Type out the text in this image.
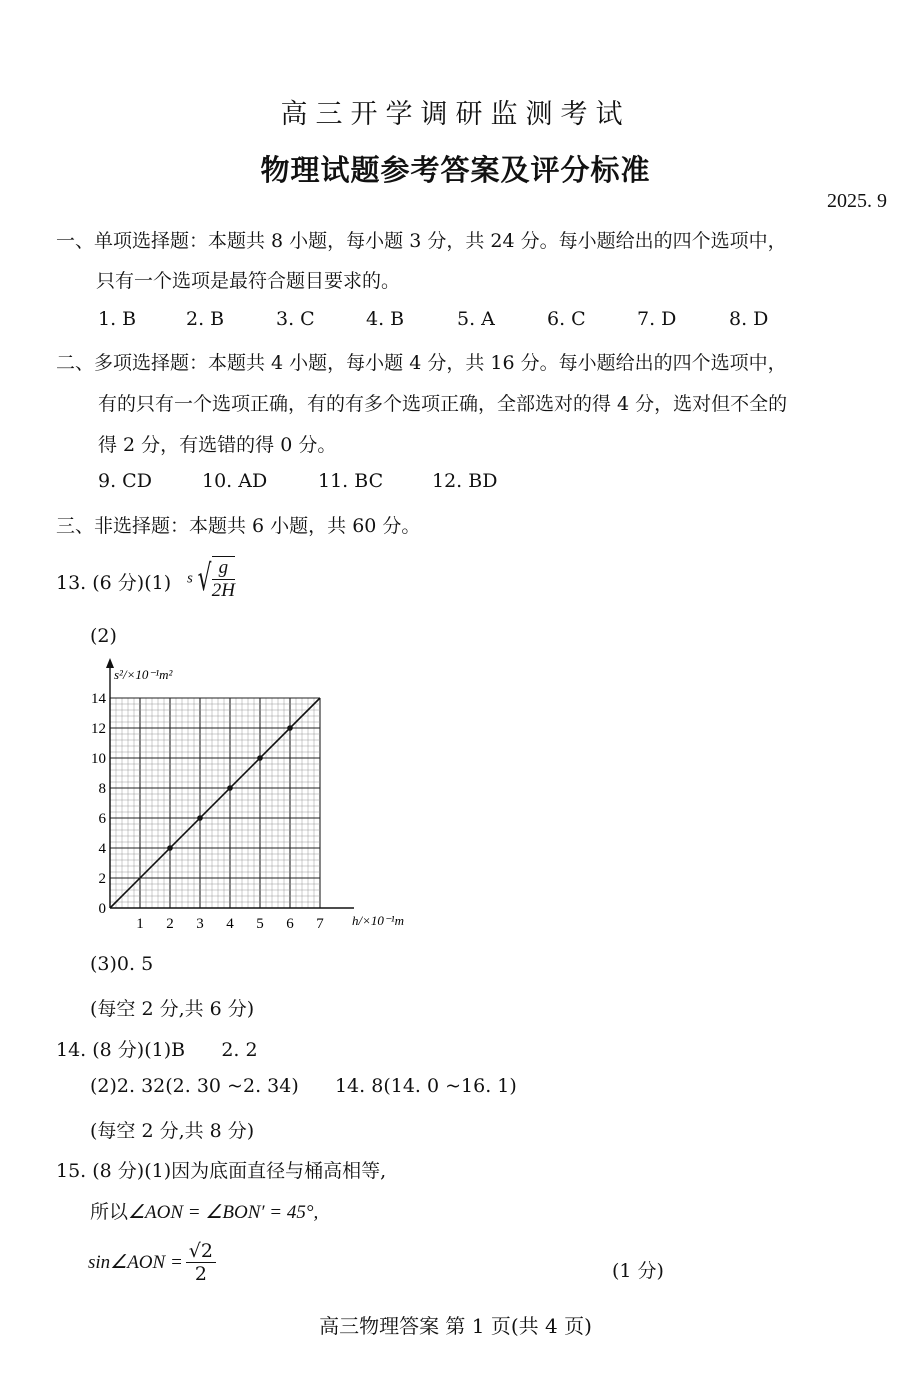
高三开学调研监测考试
物理试题参考答案及评分标准
2025. 9
一、单项选择题：本题共 8 小题，每小题 3 分，共 24 分。每小题给出的四个选项中，
只有一个选项是最符合题目要求的。
1. B	2. B	3. C	4. B	5. A	6. C	7. D	8. D
二、多项选择题：本题共 4 小题，每小题 4 分，共 16 分。每小题给出的四个选项中，
有的只有一个选项正确，有的有多个选项正确，全部选对的得 4 分，选对但不全的
得 2 分，有选错的得 0 分。
9. CD	10. AD	11. BC	12. BD
三、非选择题：本题共 6 小题，共 60 分。
13. (6 分)(1) s √ $\frac{g}{2H}$
(2)
s²/×10⁻¹m²
h/×10⁻¹m
1 2 3 4 5 6 7
0
2
4
6
8
10
12
14
(3)0. 5
(每空 2 分,共 6 分)
14. (8 分)(1)B      2. 2
(2)2. 32(2. 30 ~2. 34)      14. 8(14. 0 ~16. 1)
(每空 2 分,共 8 分)
15. (8 分)(1)因为底面直径与桶高相等,
所以∠AON = ∠BON′ = 45°,
sin∠AON = $\frac{√2}{2}$	(1 分)
高三物理答案 第 1 页(共 4 页)
